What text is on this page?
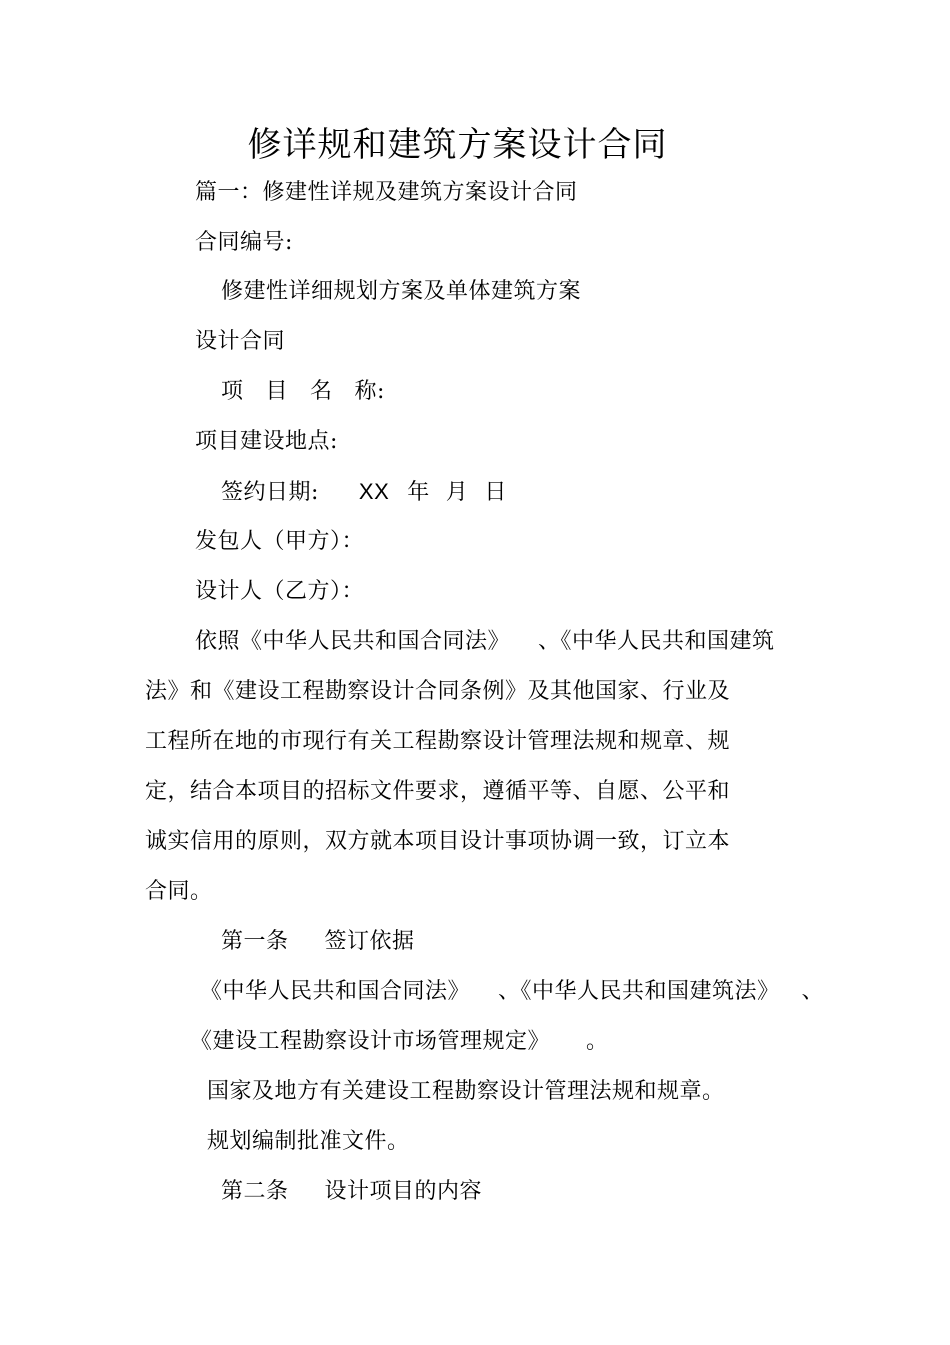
修详规和建筑方案设计合同
篇一：修建性详规及建筑方案设计合同
合同编号:
修建性详细规划方案及单体建筑方案
设计合同
项 目 名 称:
项目建设地点:
签约日期: XX 年 月 日
发包人（甲方）：
设计人（乙方）：
依照《中华人民共和国合同法》 、《中华人民共和国建筑
法》和《建设工程勘察设计合同条例》及其他国家、行业及
工程所在地的市现行有关工程勘察设计管理法规和规章、规
定，结合本项目的招标文件要求，遵循平等、自愿、公平和
诚实信用的原则，双方就本项目设计事项协调一致，订立本
合同。
第一条 签订依据
《中华人民共和国合同法》 、《中华人民共和国建筑法》 、
《建设工程勘察设计市场管理规定》 。
国家及地方有关建设工程勘察设计管理法规和规章。
规划编制批准文件。
第二条 设计项目的内容
